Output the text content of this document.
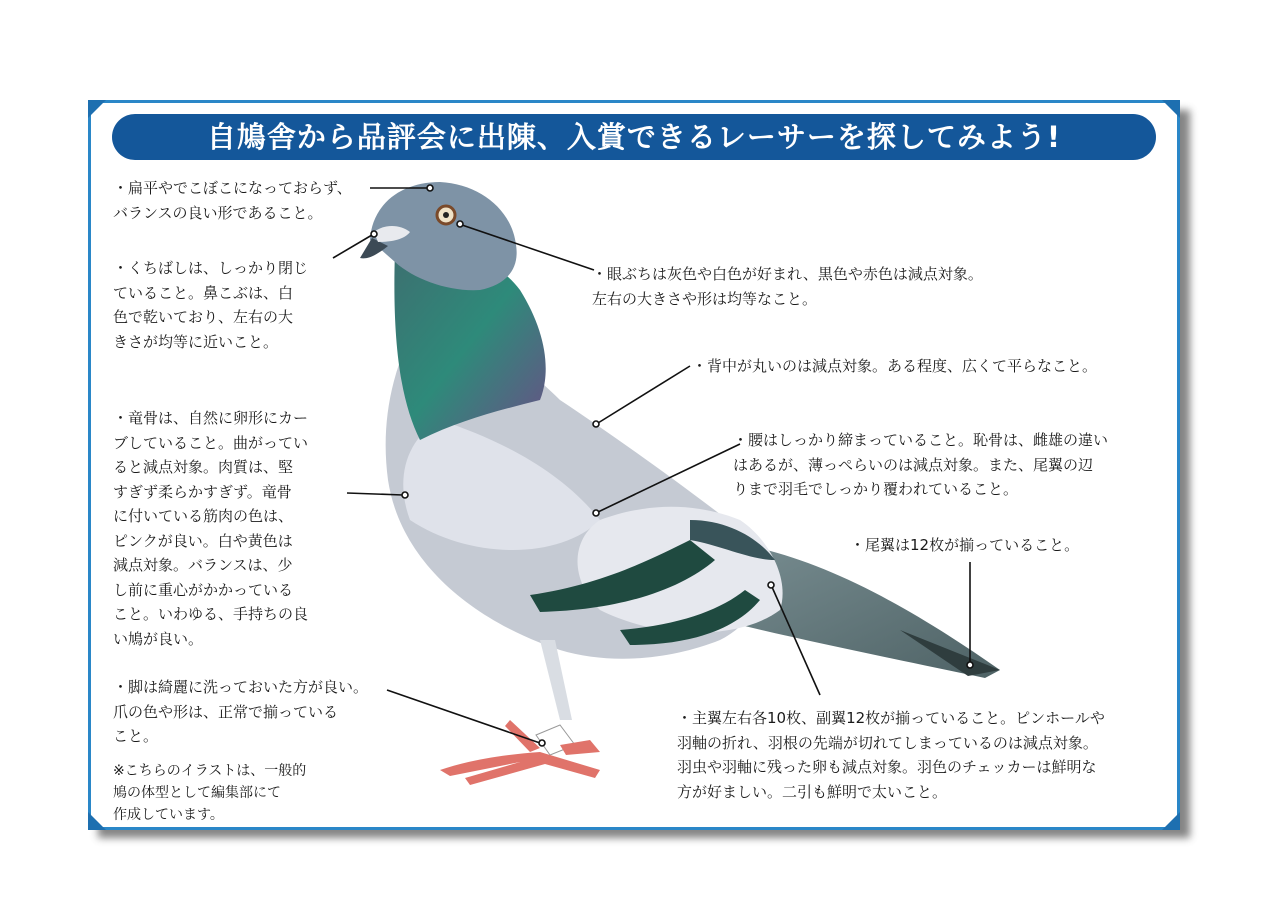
自鳩舎から品評会に出陳、入賞できるレーサーを探してみよう!
・扁平やでこぼこになっておらず、
バランスの良い形であること。
・くちばしは、しっかり閉じ
ていること。鼻こぶは、白
色で乾いており、左右の大
きさが均等に近いこと。
・竜骨は、自然に卵形にカー
ブしていること。曲がってい
ると減点対象。肉質は、堅
すぎず柔らかすぎず。竜骨
に付いている筋肉の色は、
ピンクが良い。白や黄色は
減点対象。バランスは、少
し前に重心がかかっている
こと。いわゆる、手持ちの良
い鳩が良い。
・脚は綺麗に洗っておいた方が良い。
爪の色や形は、正常で揃っている
こと。
※こちらのイラストは、一般的
鳩の体型として編集部にて
作成しています。
・眼ぶちは灰色や白色が好まれ、黒色や赤色は減点対象。
左右の大きさや形は均等なこと。
・背中が丸いのは減点対象。ある程度、広くて平らなこと。
・腰はしっかり締まっていること。恥骨は、雌雄の違い
はあるが、薄っぺらいのは減点対象。また、尾翼の辺
りまで羽毛でしっかり覆われていること。
・尾翼は12枚が揃っていること。
・主翼左右各10枚、副翼12枚が揃っていること。ピンホールや
羽軸の折れ、羽根の先端が切れてしまっているのは減点対象。
羽虫や羽軸に残った卵も減点対象。羽色のチェッカーは鮮明な
方が好ましい。二引も鮮明で太いこと。
